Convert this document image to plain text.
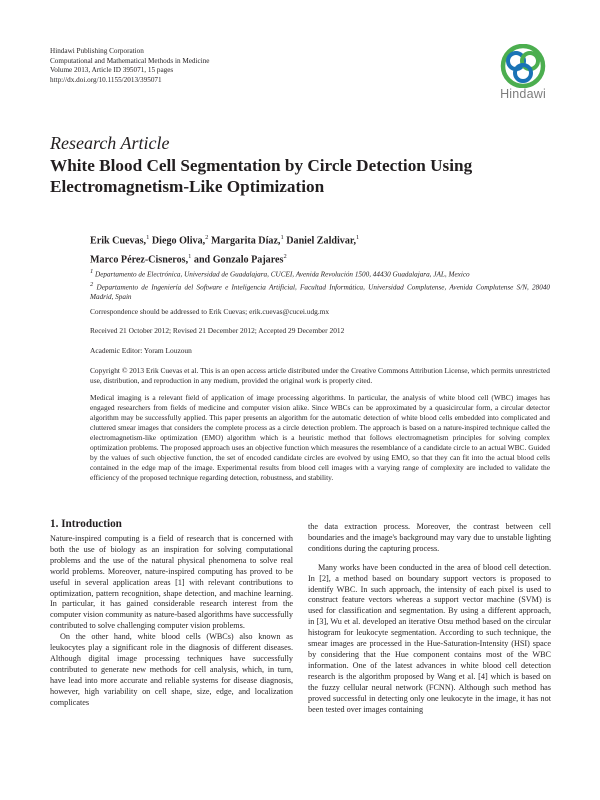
Hindawi Publishing Corporation
Computational and Mathematical Methods in Medicine
Volume 2013, Article ID 395071, 15 pages
http://dx.doi.org/10.1155/2013/395071
Hindawi
Research Article
White Blood Cell Segmentation by Circle Detection Using Electromagnetism-Like Optimization
Erik Cuevas,$^1$ Diego Oliva,$^2$ Margarita Díaz,$^1$ Daniel Zaldivar,$^1$
Marco Pérez-Cisneros,$^1$ and Gonzalo Pajares$^2$
$^1$ Departamento de Electrónica, Universidad de Guadalajara, CUCEI, Avenida Revolución 1500, 44430 Guadalajara, JAL, Mexico
$^2$ Departamento de Ingeniería del Software e Inteligencia Artificial, Facultad Informática, Universidad Complutense, Avenida Complutense S/N, 28040 Madrid, Spain
Correspondence should be addressed to Erik Cuevas; erik.cuevas@cucei.udg.mx
Received 21 October 2012; Revised 21 December 2012; Accepted 29 December 2012
Academic Editor: Yoram Louzoun
Copyright © 2013 Erik Cuevas et al. This is an open access article distributed under the Creative Commons Attribution License, which permits unrestricted use, distribution, and reproduction in any medium, provided the original work is properly cited.
Medical imaging is a relevant field of application of image processing algorithms. In particular, the analysis of white blood cell (WBC) images has engaged researchers from fields of medicine and computer vision alike. Since WBCs can be approximated by a quasicircular form, a circular detector algorithm may be successfully applied. This paper presents an algorithm for the automatic detection of white blood cells embedded into complicated and cluttered smear images that considers the complete process as a circle detection problem. The approach is based on a nature-inspired technique called the electromagnetism-like optimization (EMO) algorithm which is a heuristic method that follows electromagnetism principles for solving complex optimization problems. The proposed approach uses an objective function which measures the resemblance of a candidate circle to an actual WBC. Guided by the values of such objective function, the set of encoded candidate circles are evolved by using EMO, so that they can fit into the actual blood cells contained in the edge map of the image. Experimental results from blood cell images with a varying range of complexity are included to validate the efficiency of the proposed technique regarding detection, robustness, and stability.
1. Introduction

Nature-inspired computing is a field of research that is concerned with both the use of biology as an inspiration for solving computational problems and the use of the natural physical phenomena to solve real world problems. Moreover, nature-inspired computing has proved to be useful in several application areas [1] with relevant contributions to optimization, pattern recognition, shape detection, and machine learning. In particular, it has gained considerable research interest from the computer vision community as nature-based algorithms have successfully contributed to solve challenging computer vision problems.

On the other hand, white blood cells (WBCs) also known as leukocytes play a significant role in the diagnosis of different diseases. Although digital image processing techniques have successfully contributed to generate new methods for cell analysis, which, in turn, have lead into more accurate and reliable systems for disease diagnosis, however, high variability on cell shape, size, edge, and localization complicates

the data extraction process. Moreover, the contrast between cell boundaries and the image's background may vary due to unstable lighting conditions during the capturing process.

Many works have been conducted in the area of blood cell detection. In [2], a method based on boundary support vectors is proposed to identify WBC. In such approach, the intensity of each pixel is used to construct feature vectors whereas a support vector machine (SVM) is used for classification and segmentation. By using a different approach, in [3], Wu et al. developed an iterative Otsu method based on the circular histogram for leukocyte segmentation. According to such technique, the smear images are processed in the Hue-Saturation-Intensity (HSI) space by considering that the Hue component contains most of the WBC information. One of the latest advances in white blood cell detection research is the algorithm proposed by Wang et al. [4] which is based on the fuzzy cellular neural network (FCNN). Although such method has proved successful in detecting only one leukocyte in the image, it has not been tested over images containing
